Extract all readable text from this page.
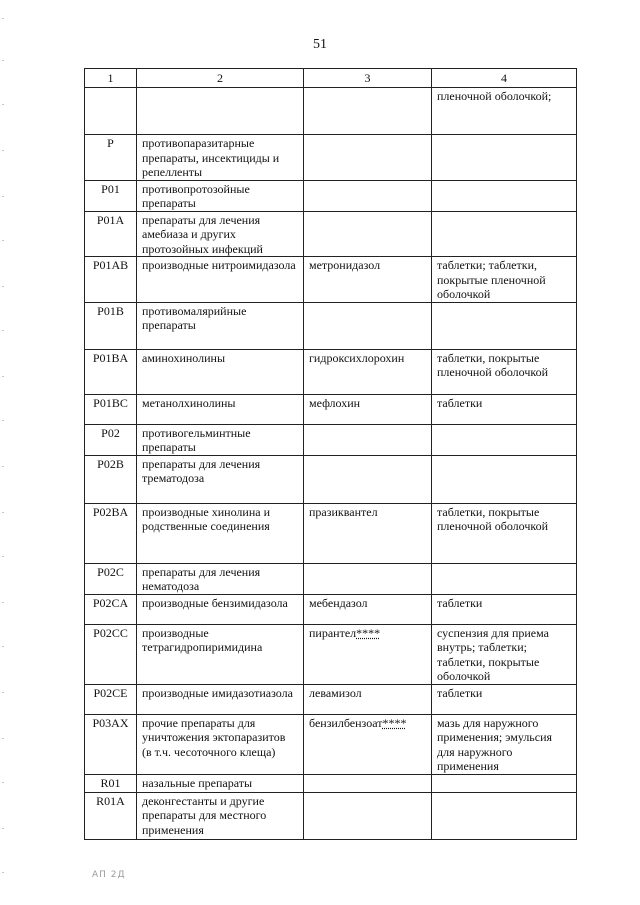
51
1	2	3	4
			пленочной оболочкой;
P	противопаразитарные препараты, инсектициды и репелленты		
P01	противопротозойные препараты		
P01A	препараты для лечения амебиаза и других протозойных инфекций		
P01AB	производные нитроимидазола	метронидазол	таблетки; таблетки, покрытые пленочной оболочкой
P01B	противомалярийные препараты		
P01BA	аминохинолины	гидроксихлорохин	таблетки, покрытые пленочной оболочкой
P01BC	метанолхинолины	мефлохин	таблетки
P02	противогельминтные препараты		
P02B	препараты для лечения трематодоза		
P02BA	производные хинолина и родственные соединения	празиквантел	таблетки, покрытые пленочной оболочкой
P02C	препараты для лечения нематодоза		
P02CA	производные бензимидазола	мебендазол	таблетки
P02CC	производные тетрагидропиримидина	пирантел****	суспензия для приема внутрь; таблетки; таблетки, покрытые оболочкой
P02CE	производные имидазотиазола	левамизол	таблетки
P03AX	прочие препараты для уничтожения эктопаразитов (в т.ч. чесоточного клеща)	бензилбензоат****	мазь для наружного применения; эмульсия для наружного применения
R01	назальные препараты		
R01A	деконгестанты и другие препараты для местного применения		
АП 2Д
